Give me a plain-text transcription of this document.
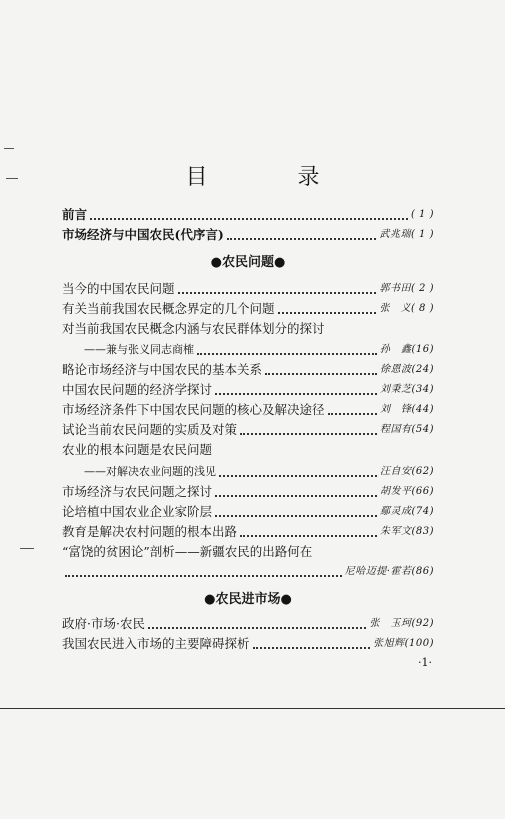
目　录
前言	( 1 )
市场经济与中国农民(代序言)	武兆瑞 ( 1 )
●农民问题●
当今的中国农民问题	郭书田 ( 2 )
有关当前我国农民概念界定的几个问题	张　义 ( 8 )
对当前我国农民概念内涵与农民群体划分的探讨
——兼与张义同志商榷	孙　鑫 (16)
略论市场经济与中国农民的基本关系	徐恩波 (24)
中国农民问题的经济学探讨	刘秉芝 (34)
市场经济条件下中国农民问题的核心及解决途径	刘　锋 (44)
试论当前农民问题的实质及对策	程国有 (54)
农业的根本问题是农民问题
——对解决农业问题的浅见	汪自安 (62)
市场经济与农民问题之探讨	胡发平 (66)
论培植中国农业企业家阶层	鄢灵成 (74)
教育是解决农村问题的根本出路	朱军文 (83)
“富饶的贫困论”剖析——新疆农民的出路何在
尼哈迈提·霍若 (86)
●农民进市场●
政府·市场·农民	张　玉珂 (92)
我国农民进入市场的主要障碍探析	张旭辉 (100)
·1·
